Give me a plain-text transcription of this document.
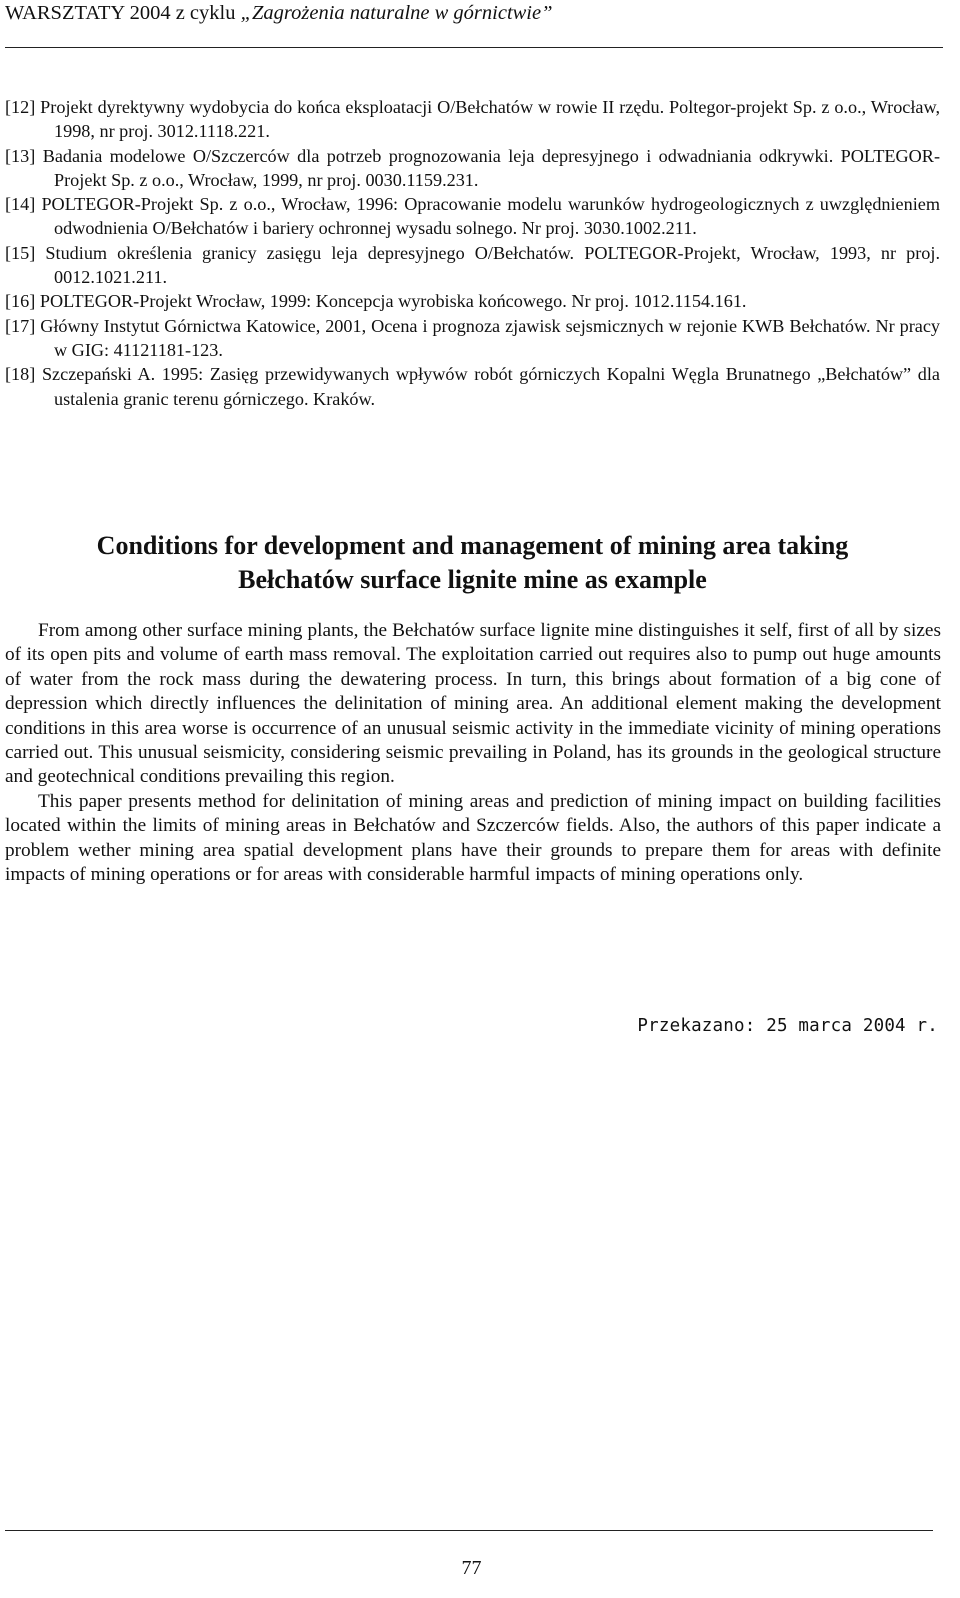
WARSZTATY 2004 z cyklu „Zagrożenia naturalne w górnictwie”

[12] Projekt dyrektywny wydobycia do końca eksploatacji O/Bełchatów w rowie II rzędu. Poltegor-projekt Sp. z o.o., Wrocław, 1998, nr proj. 3012.1118.221.

[13] Badania modelowe O/Szczerców dla potrzeb prognozowania leja depresyjnego i odwadniania odkrywki. POLTEGOR-Projekt Sp. z o.o., Wrocław, 1999, nr proj. 0030.1159.231.

[14] POLTEGOR-Projekt Sp. z o.o., Wrocław, 1996: Opracowanie modelu warunków hydrogeologicznych z uwzględnieniem odwodnienia O/Bełchatów i bariery ochronnej wysadu solnego. Nr proj. 3030.1002.211.

[15] Studium określenia granicy zasięgu leja depresyjnego O/Bełchatów. POLTEGOR-Projekt, Wrocław, 1993, nr proj. 0012.1021.211.

[16] POLTEGOR-Projekt Wrocław, 1999: Koncepcja wyrobiska końcowego. Nr proj. 1012.1154.161.

[17] Główny Instytut Górnictwa Katowice, 2001, Ocena i prognoza zjawisk sejsmicznych w rejonie KWB Bełchatów. Nr pracy w GIG: 41121181-123.

[18] Szczepański A. 1995: Zasięg przewidywanych wpływów robót górniczych Kopalni Węgla Brunatnego „Bełchatów” dla ustalenia granic terenu górniczego. Kraków.

Conditions for development and management of mining area taking
Bełchatów surface lignite mine as example

From among other surface mining plants, the Bełchatów surface lignite mine distinguishes it self, first of all by sizes of its open pits and volume of earth mass removal. The exploitation carried out requires also to pump out huge amounts of water from the rock mass during the dewatering process. In turn, this brings about formation of a big cone of depression which directly influences the delinitation of mining area. An additional element making the development conditions in this area worse is occurrence of an unusual seismic activity in the immediate vicinity of mining operations carried out. This unusual seismicity, considering seismic prevailing in Poland, has its grounds in the geological structure and geotechnical conditions prevailing this region.

This paper presents method for delinitation of mining areas and prediction of mining impact on building facilities located within the limits of mining areas in Bełchatów and Szczerców fields. Also, the authors of this paper indicate a problem wether mining area spatial development plans have their grounds to prepare them for areas with definite impacts of mining operations or for areas with considerable harmful impacts of mining operations only.

Przekazano: 25 marca 2004 r.
77
